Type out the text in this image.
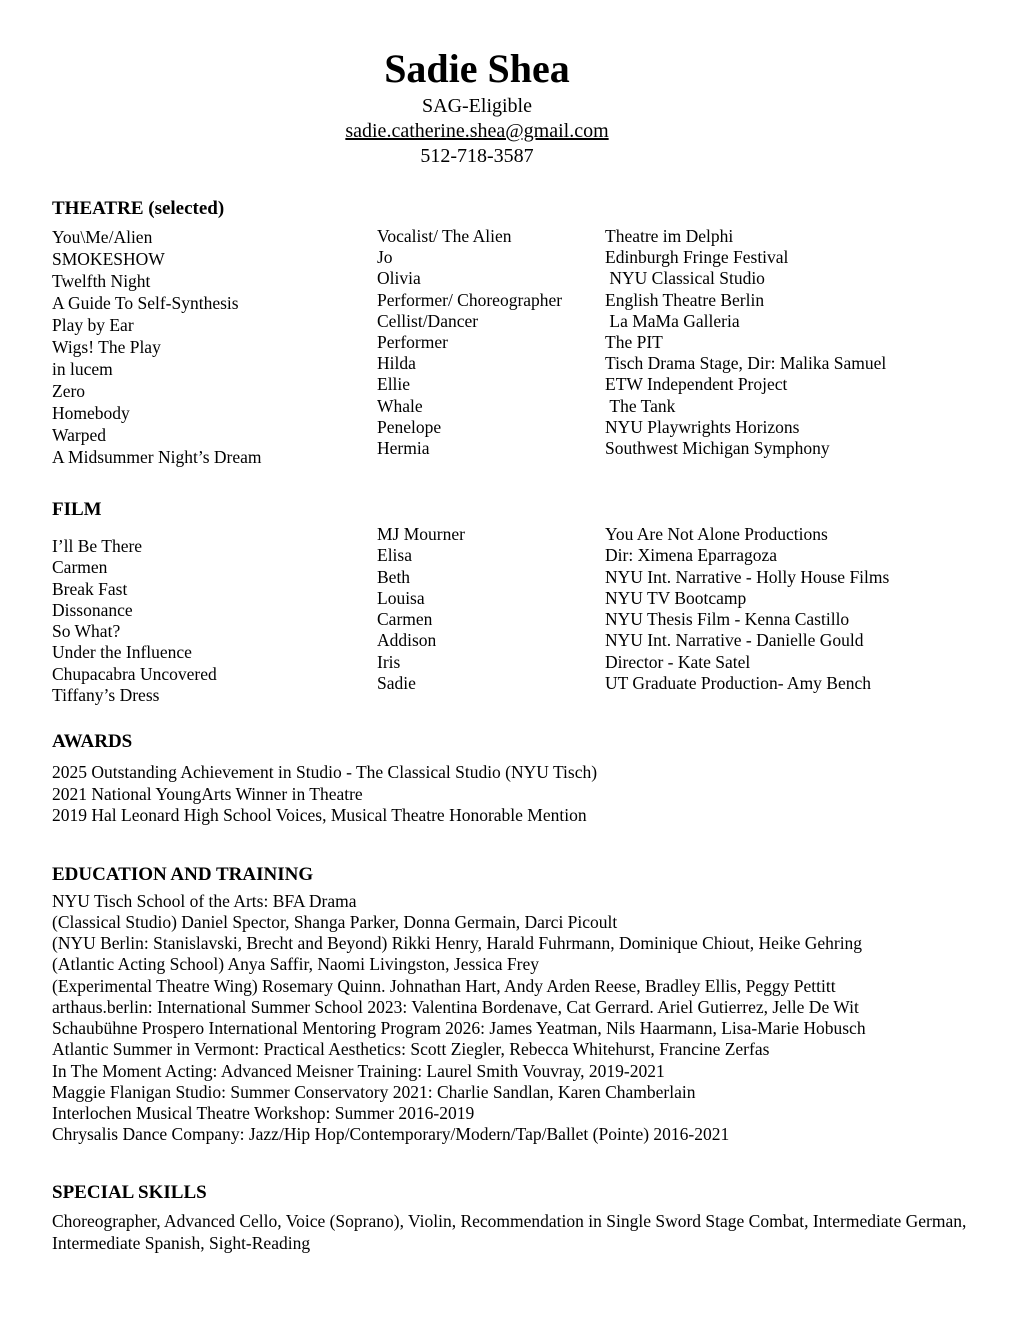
Sadie Shea
SAG-Eligible
sadie.catherine.shea@gmail.com
512-718-3587
THEATRE (selected)
You\Me/Alien
SMOKESHOW
Twelfth Night
A Guide To Self-Synthesis
Play by Ear
Wigs! The Play
in lucem
Zero
Homebody
Warped
A Midsummer Night’s Dream
Vocalist/ The Alien
Jo
Olivia
Performer/ Choreographer
Cellist/Dancer
Performer
Hilda
Ellie
Whale
Penelope
Hermia
Theatre im Delphi
Edinburgh Fringe Festival
NYU Classical Studio
English Theatre Berlin
La MaMa Galleria
The PIT
Tisch Drama Stage, Dir: Malika Samuel
ETW Independent Project
The Tank
NYU Playwrights Horizons
Southwest Michigan Symphony
FILM
I’ll Be There
Carmen
Break Fast
Dissonance
So What?
Under the Influence
Chupacabra Uncovered
Tiffany’s Dress
MJ Mourner
Elisa
Beth
Louisa
Carmen
Addison
Iris
Sadie
You Are Not Alone Productions
Dir: Ximena Eparragoza
NYU Int. Narrative - Holly House Films
NYU TV Bootcamp
NYU Thesis Film - Kenna Castillo
NYU Int. Narrative - Danielle Gould
Director - Kate Satel
UT Graduate Production- Amy Bench
AWARDS
2025 Outstanding Achievement in Studio - The Classical Studio (NYU Tisch)
2021 National YoungArts Winner in Theatre
2019 Hal Leonard High School Voices, Musical Theatre Honorable Mention
EDUCATION AND TRAINING
NYU Tisch School of the Arts: BFA Drama
(Classical Studio) Daniel Spector, Shanga Parker, Donna Germain, Darci Picoult
(NYU Berlin: Stanislavski, Brecht and Beyond) Rikki Henry, Harald Fuhrmann, Dominique Chiout, Heike Gehring
(Atlantic Acting School) Anya Saffir, Naomi Livingston, Jessica Frey
(Experimental Theatre Wing) Rosemary Quinn. Johnathan Hart, Andy Arden Reese, Bradley Ellis, Peggy Pettitt
arthaus.berlin: International Summer School 2023: Valentina Bordenave, Cat Gerrard. Ariel Gutierrez, Jelle De Wit
Schaubühne Prospero International Mentoring Program 2026: James Yeatman, Nils Haarmann, Lisa-Marie Hobusch
Atlantic Summer in Vermont: Practical Aesthetics: Scott Ziegler, Rebecca Whitehurst, Francine Zerfas
In The Moment Acting: Advanced Meisner Training: Laurel Smith Vouvray, 2019-2021
Maggie Flanigan Studio: Summer Conservatory 2021: Charlie Sandlan, Karen Chamberlain
Interlochen Musical Theatre Workshop: Summer 2016-2019
Chrysalis Dance Company: Jazz/Hip Hop/Contemporary/Modern/Tap/Ballet (Pointe) 2016-2021
SPECIAL SKILLS

Choreographer, Advanced Cello, Voice (Soprano), Violin, Recommendation in Single Sword Stage Combat, Intermediate German, Intermediate Spanish, Sight-Reading
